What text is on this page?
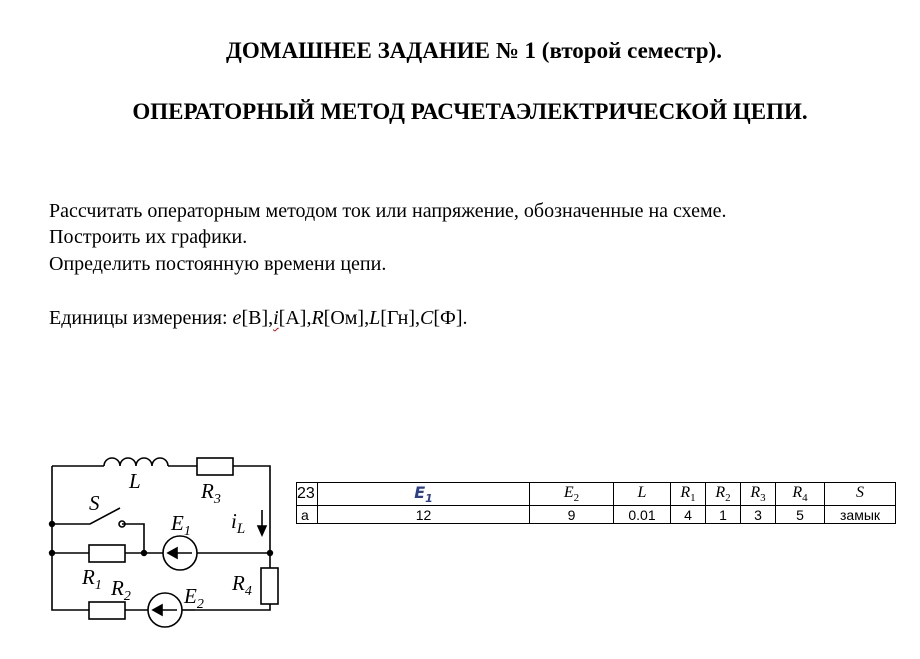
ДОМАШНЕЕ ЗАДАНИЕ № 1 (второй семестр).
ОПЕРАТОРНЫЙ МЕТОД РАСЧЕТАЭЛЕКТРИЧЕСКОЙ ЦЕПИ.
Рассчитать операторным методом ток или напряжение, обозначенные на схеме.
Построить их графики.
Определить постоянную времени цепи.
Единицы измерения: e[В],i[А],R[Ом],L[Гн],C[Ф].
L	$R_3$
S
$E_1$ $i_L$
$R_1$ $R_2$
$R_4$
$E_2$
23	$E_1$	$E_2$	L	$R_1$	$R_2$	$R_3$	$R_4$	S
а	12	9	0.01	4	1	3	5	замык
